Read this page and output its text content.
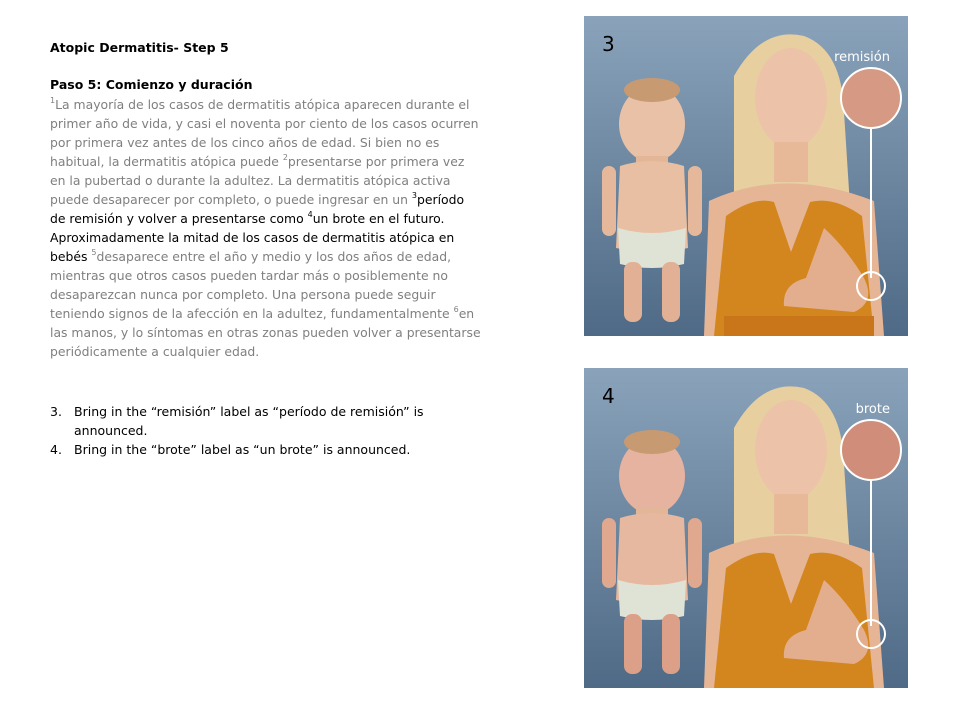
Atopic Dermatitis- Step 5
Paso 5: Comienzo y duración
$^1$La mayoría de los casos de dermatitis atópica aparecen durante el primer año de vida, y casi el noventa por ciento de los casos ocurren por primera vez antes de los cinco años de edad. Si bien no es habitual, la dermatitis atópica puede $^2$presentarse por primera vez en la pubertad o durante la adultez. La dermatitis atópica activa puede desaparecer por completo, o puede ingresar en un $^3$período de remisión y volver a presentarse como $^4$un brote en el futuro. Aproximadamente la mitad de los casos de dermatitis atópica en bebés $^5$desaparece entre el año y medio y los dos años de edad, mientras que otros casos pueden tardar más o posiblemente no desaparezcan nunca por completo. Una persona puede seguir teniendo signos de la afección en la adultez, fundamentalmente $^6$en las manos, y lo síntomas en otras zonas pueden volver a presentarse periódicamente a cualquier edad.
3. Bring in the “remisión” label as “período de remisión” is announced.
4. Bring in the “brote” label as “un brote” is announced.
3
remisión
4
brote
